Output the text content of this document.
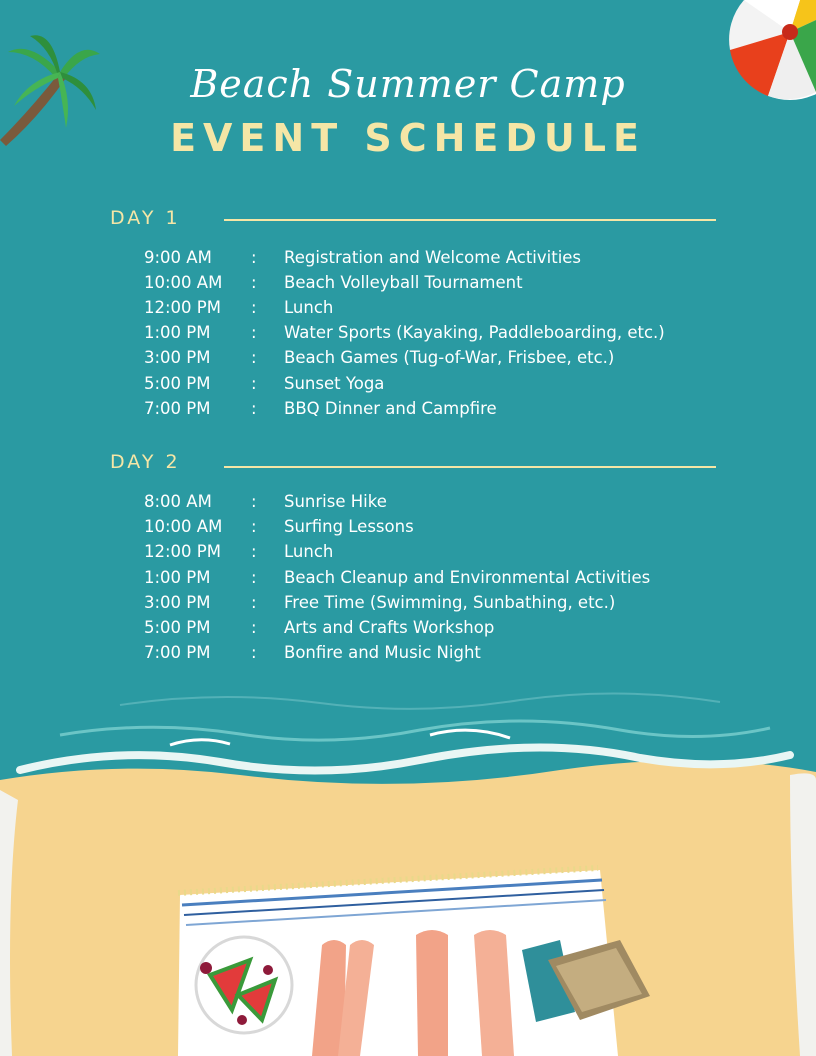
Beach Summer Camp
EVENT SCHEDULE
DAY 1
9:00 AM : Registration and Welcome Activities
10:00 AM : Beach Volleyball Tournament
12:00 PM : Lunch
1:00 PM : Water Sports (Kayaking, Paddleboarding, etc.)
3:00 PM : Beach Games (Tug-of-War, Frisbee, etc.)
5:00 PM : Sunset Yoga
7:00 PM : BBQ Dinner and Campfire
DAY 2
8:00 AM : Sunrise Hike
10:00 AM : Surfing Lessons
12:00 PM : Lunch
1:00 PM : Beach Cleanup and Environmental Activities
3:00 PM : Free Time (Swimming, Sunbathing, etc.)
5:00 PM : Arts and Crafts Workshop
7:00 PM : Bonfire and Music Night
